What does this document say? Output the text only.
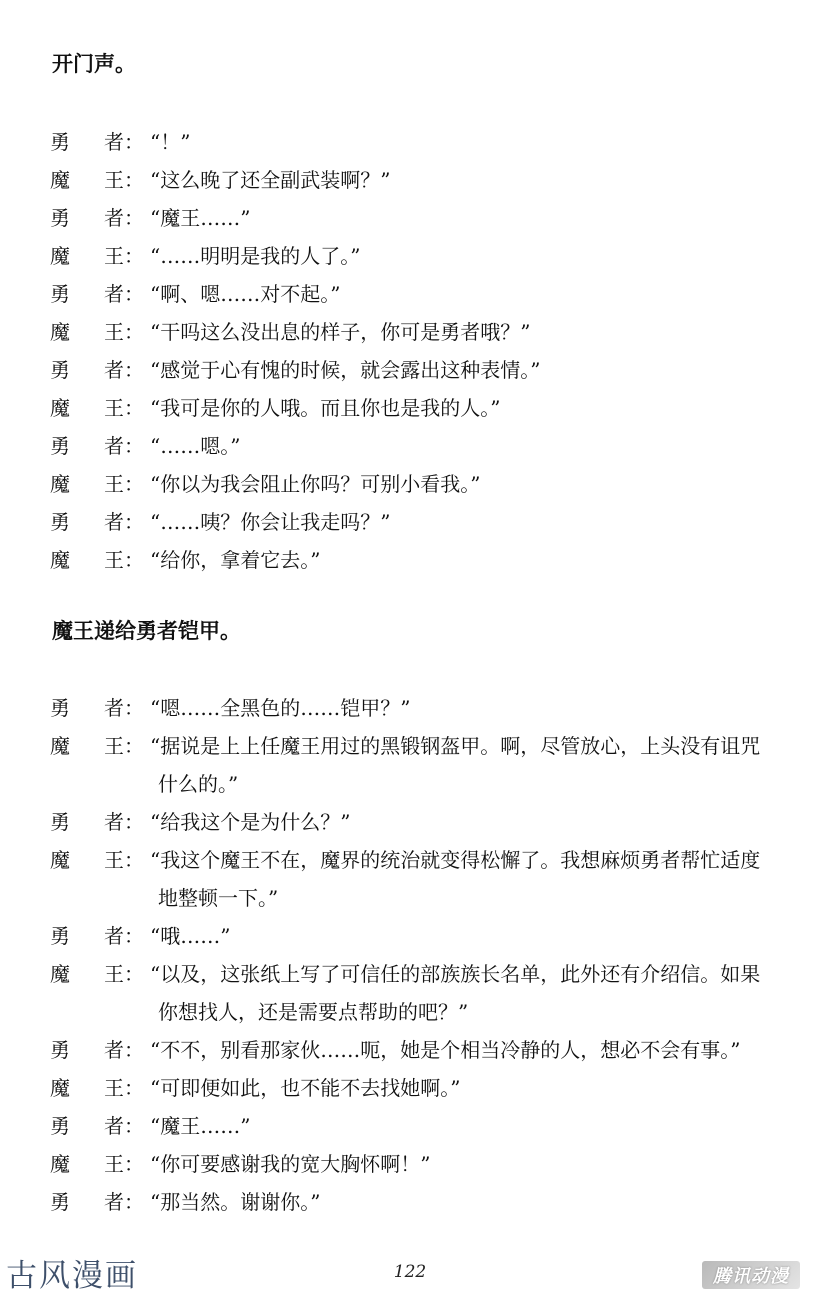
开门声。
勇 者： “！”
魔 王： “这么晚了还全副武装啊？”
勇 者： “魔王……”
魔 王： “……明明是我的人了。”
勇 者： “啊、嗯……对不起。”
魔 王： “干吗这么没出息的样子，你可是勇者哦？”
勇 者： “感觉于心有愧的时候，就会露出这种表情。”
魔 王： “我可是你的人哦。而且你也是我的人。”
勇 者： “……嗯。”
魔 王： “你以为我会阻止你吗？可别小看我。”
勇 者： “……咦？你会让我走吗？”
魔 王： “给你，拿着它去。”
魔王递给勇者铠甲。
勇 者： “嗯……全黑色的……铠甲？”
魔 王： “据说是上上任魔王用过的黑锻钢盔甲。啊，尽管放心，上头没有诅咒
什么的。”
勇 者： “给我这个是为什么？”
魔 王： “我这个魔王不在，魔界的统治就变得松懈了。我想麻烦勇者帮忙适度
地整顿一下。”
勇 者： “哦……”
魔 王： “以及，这张纸上写了可信任的部族族长名单，此外还有介绍信。如果
你想找人，还是需要点帮助的吧？”
勇 者： “不不，别看那家伙……呃，她是个相当冷静的人，想必不会有事。”
魔 王： “可即便如此，也不能不去找她啊。”
勇 者： “魔王……”
魔 王： “你可要感谢我的宽大胸怀啊！”
勇 者： “那当然。谢谢你。”
122
古风漫画	腾讯动漫
